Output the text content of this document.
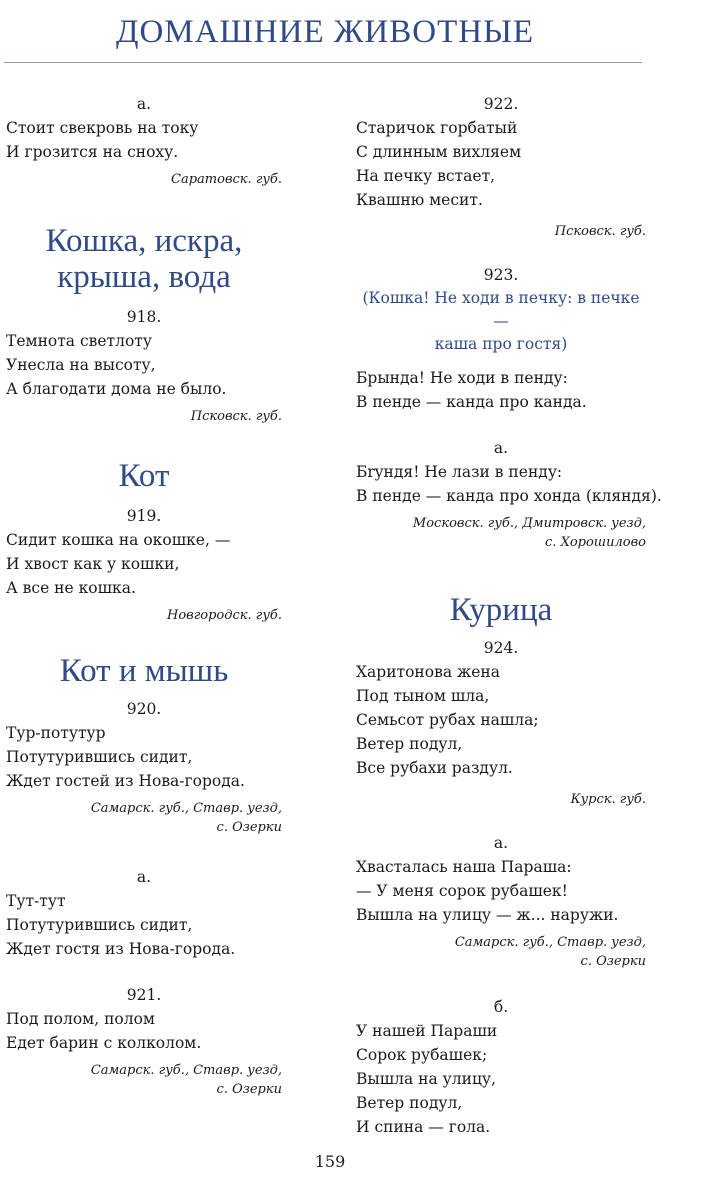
ДОМАШНИЕ ЖИВОТНЫЕ
а.
Стоит свекровь на току
И грозится на сноху.
Саратовск. губ.
Кошка, искра,
крыша, вода
918.
Темнота светлоту
Унесла на высоту,
А благодати дома не было.
Псковск. губ.
Кот
919.
Сидит кошка на окошке, —
И хвост как у кошки,
А все не кошка.
Новгородск. губ.
Кот и мышь
920.
Тур-потутур
Потутурившись сидит,
Ждет гостей из Нова-города.
Самарск. губ., Ставр. уезд,
с. Озерки
а.
Тут-тут
Потутурившись сидит,
Ждет гостя из Нова-города.
921.
Под полом, полом
Едет барин с колколом.
Самарск. губ., Ставр. уезд,
с. Озерки
922.
Старичок горбатый
С длинным вихляем
На печку встает,
Квашню месит.
Псковск. губ.
923.
(Кошка! Не ходи в печку: в печке —
каша про гостя)
Брында! Не ходи в пенду:
В пенде — канда про канда.
а.
Бryндя! Не лази в пенду:
В пенде — канда про хонда (кляндя).
Московск. губ., Дмитровск. уезд,
с. Хорошилово
Курица
924.
Харитонова жена
Под тыном шла,
Семьсот рубах нашла;
Ветер подул,
Все рубахи раздул.
Курск. губ.
а.
Хвасталась наша Параша:
— У меня сорок рубашек!
Вышла на улицу — ж... наружи.
Самарск. губ., Ставр. уезд,
с. Озерки
б.
У нашей Параши
Сорок рубашек;
Вышла на улицу,
Ветер подул,
И спина — гола.
159
